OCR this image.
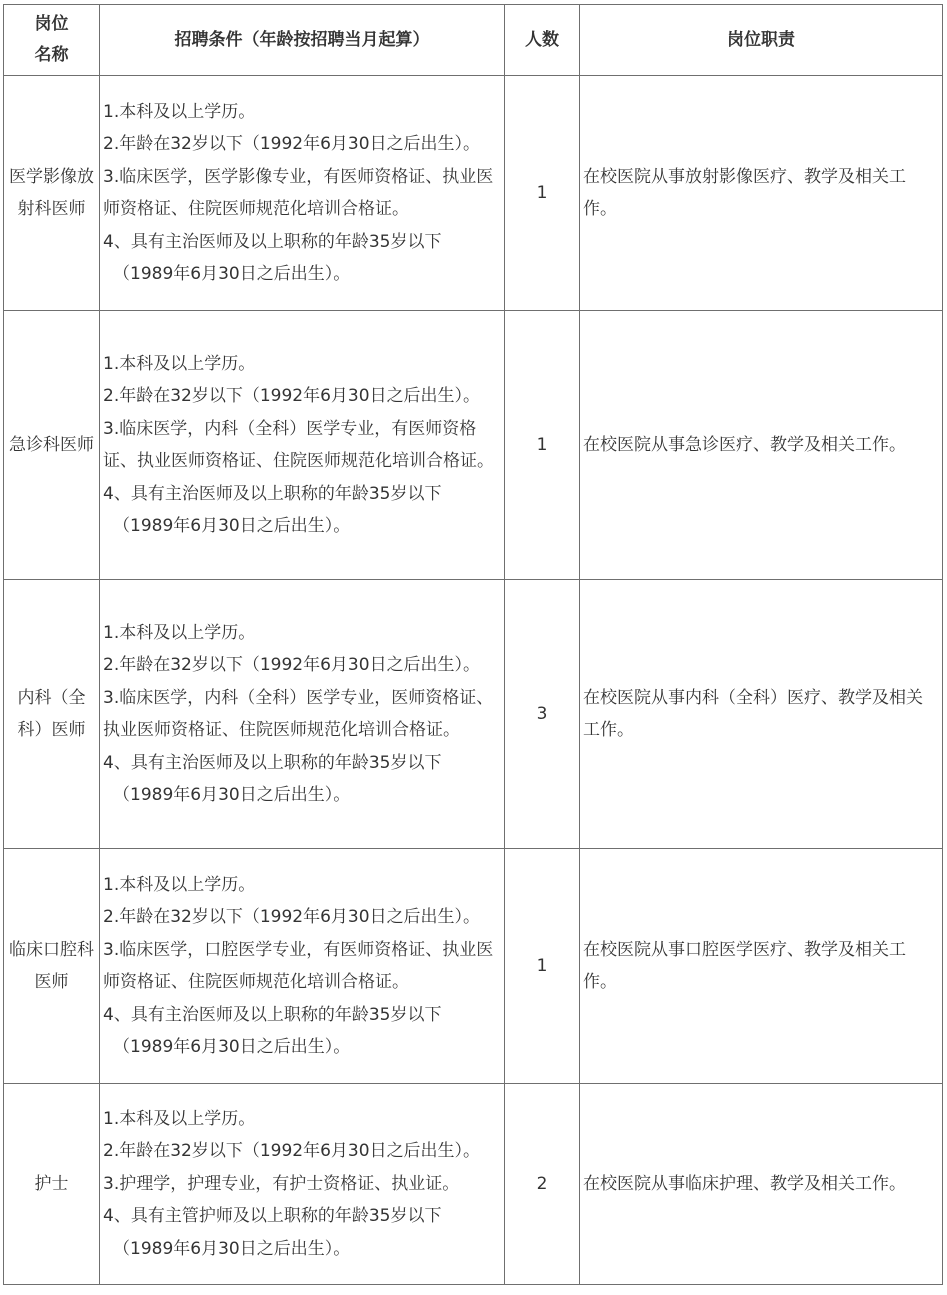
岗位
名称	招聘条件（年龄按招聘当月起算）	人数	岗位职责
医学影像放射科医师	1.本科及以上学历。
2.年龄在32岁以下（1992年6月30日之后出生）。
3.临床医学，医学影像专业，有医师资格证、执业医师资格证、住院医师规范化培训合格证。
4、具有主治医师及以上职称的年龄35岁以下
（1989年6月30日之后出生）。	1	在校医院从事放射影像医疗、教学及相关工作。
急诊科医师	1.本科及以上学历。
2.年龄在32岁以下（1992年6月30日之后出生）。
3.临床医学，内科（全科）医学专业，有医师资格证、执业医师资格证、住院医师规范化培训合格证。
4、具有主治医师及以上职称的年龄35岁以下
（1989年6月30日之后出生）。	1	在校医院从事急诊医疗、教学及相关工作。
内科（全科）医师	1.本科及以上学历。
2.年龄在32岁以下（1992年6月30日之后出生）。
3.临床医学，内科（全科）医学专业，医师资格证、执业医师资格证、住院医师规范化培训合格证。
4、具有主治医师及以上职称的年龄35岁以下
（1989年6月30日之后出生）。	3	在校医院从事内科（全科）医疗、教学及相关工作。
临床口腔科医师	1.本科及以上学历。
2.年龄在32岁以下（1992年6月30日之后出生）。
3.临床医学，口腔医学专业，有医师资格证、执业医师资格证、住院医师规范化培训合格证。
4、具有主治医师及以上职称的年龄35岁以下
（1989年6月30日之后出生）。	1	在校医院从事口腔医学医疗、教学及相关工作。
护士	1.本科及以上学历。
2.年龄在32岁以下（1992年6月30日之后出生）。
3.护理学，护理专业，有护士资格证、执业证。
4、具有主管护师及以上职称的年龄35岁以下
（1989年6月30日之后出生）。	2	在校医院从事临床护理、教学及相关工作。
